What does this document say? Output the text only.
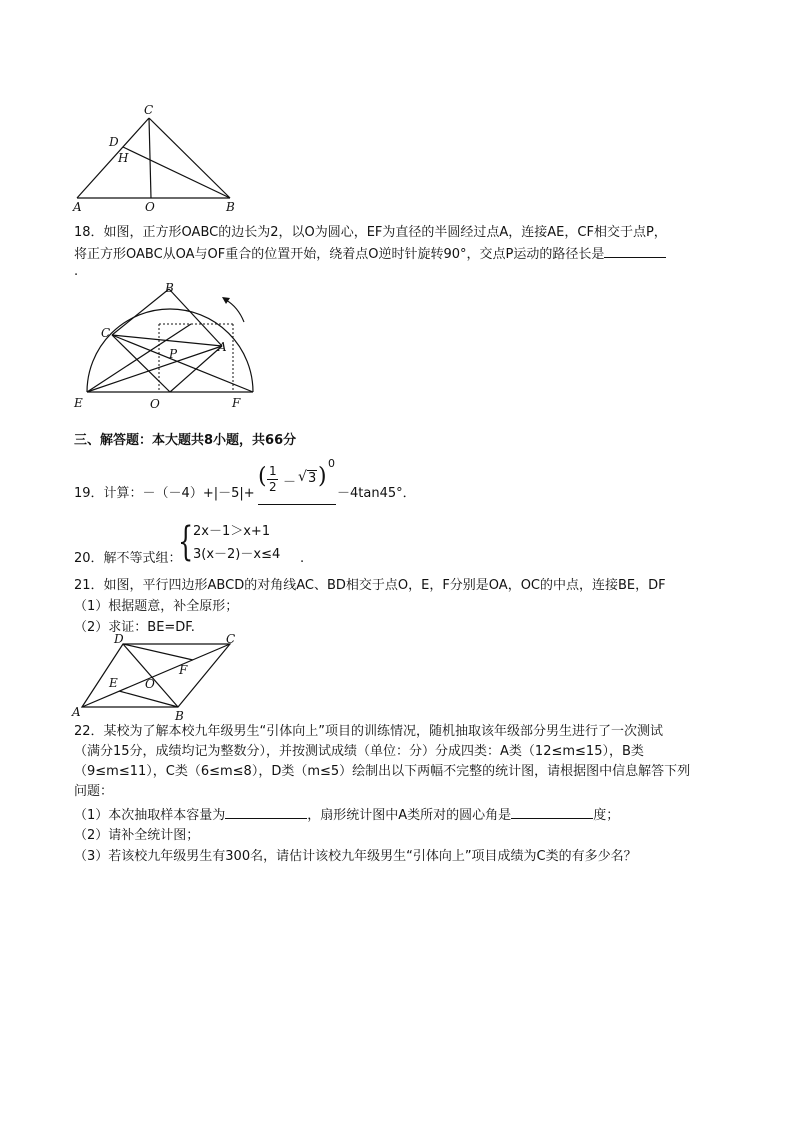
C
D
H
A	O	B
18．如图，正方形OABC的边长为2，以O为圆心，EF为直径的半圆经过点A，连接AE，CF相交于点P，
将正方形OABC从OA与OF重合的位置开始，绕着点O逆时针旋转90°，交点P运动的路径长是
.
B
C
P	A
E	O	F
三、解答题：本大题共8小题，共66分
19．计算：－（－4）+|－5|+
( 1
2 － √ 3 )
0
－4tan45°．
20．解不等式组：
{ 2x－1＞x+1
3(x－2)－x≤4 .
21．如图，平行四边形ABCD的对角线AC、BD相交于点O，E，F分别是OA，OC的中点，连接BE，DF
（1）根据题意，补全原形；
（2）求证：BE=DF.
D	C
E O
F
A	B
22．某校为了解本校九年级男生“引体向上”项目的训练情况，随机抽取该年级部分男生进行了一次测试
（满分15分，成绩均记为整数分），并按测试成绩（单位：分）分成四类：A类（12≤m≤15），B类
（9≤m≤11），C类（6≤m≤8），D类（m≤5）绘制出以下两幅不完整的统计图，请根据图中信息解答下列
问题：
（1）本次抽取样本容量为	，扇形统计图中A类所对的圆心角是	度；
（2）请补全统计图；
（3）若该校九年级男生有300名，请估计该校九年级男生“引体向上”项目成绩为C类的有多少名？
